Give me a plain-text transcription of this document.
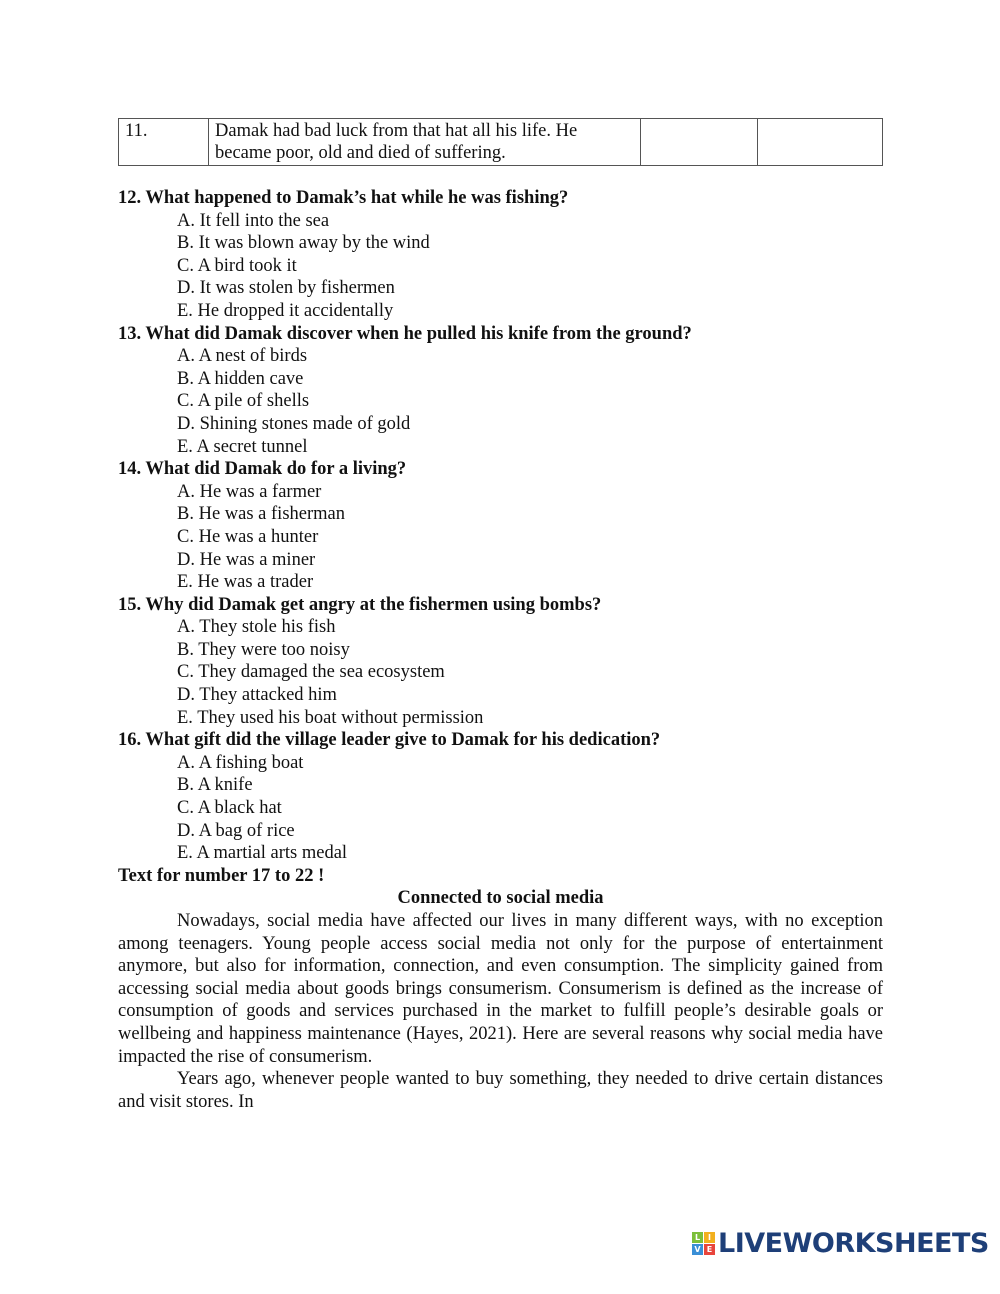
11.	Damak had bad luck from that hat all his life. He became poor, old and died of suffering.		
12. What happened to Damak’s hat while he was fishing?
A. It fell into the sea
B. It was blown away by the wind
C. A bird took it
D. It was stolen by fishermen
E. He dropped it accidentally
13. What did Damak discover when he pulled his knife from the ground?
A. A nest of birds
B. A hidden cave
C. A pile of shells
D. Shining stones made of gold
E. A secret tunnel
14. What did Damak do for a living?
A. He was a farmer
B. He was a fisherman
C. He was a hunter
D. He was a miner
E. He was a trader
15. Why did Damak get angry at the fishermen using bombs?
A. They stole his fish
B. They were too noisy
C. They damaged the sea ecosystem
D. They attacked him
E. They used his boat without permission
16. What gift did the village leader give to Damak for his dedication?
A. A fishing boat
B. A knife
C. A black hat
D. A bag of rice
E. A martial arts medal
Text for number 17 to 22 !
Connected to social media
Nowadays, social media have affected our lives in many different ways, with no exception among teenagers. Young people access social media not only for the purpose of entertainment anymore, but also for information, connection, and even consumption. The simplicity gained from accessing social media about goods brings consumerism. Consumerism is defined as the increase of consumption of goods and services purchased in the market to fulfill people’s desirable goals or wellbeing and happiness maintenance (Hayes, 2021). Here are several reasons why social media have impacted the rise of consumerism.
Years ago, whenever people wanted to buy something, they needed to drive certain distances and visit stores. In
L I
V E LIVEWORKSHEETS
